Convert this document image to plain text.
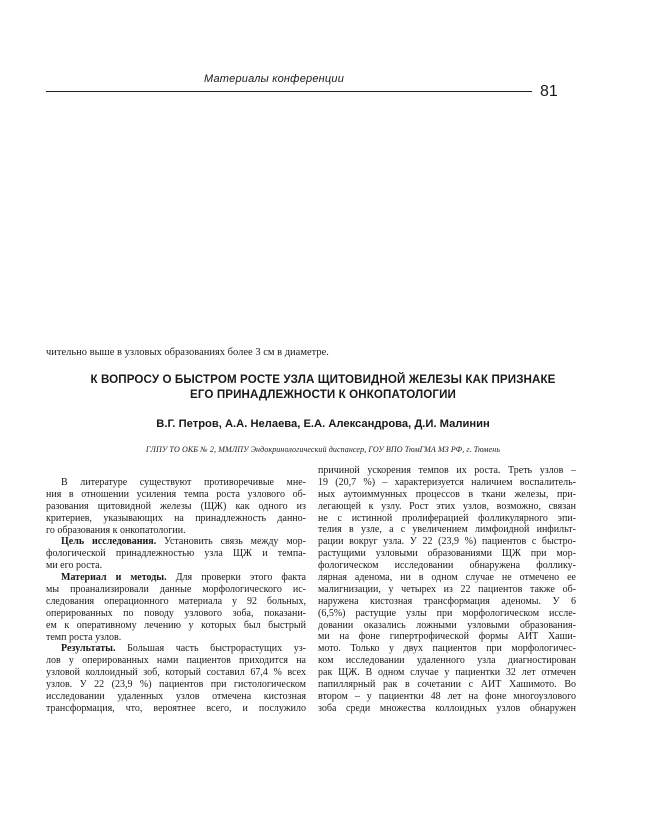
Материалы конференции
81
чительно выше в узловых образованиях более 3 см в диаметре.
К ВОПРОСУ О БЫСТРОМ РОСТЕ УЗЛА ЩИТОВИДНОЙ ЖЕЛЕЗЫ КАК ПРИЗНАКЕ
ЕГО ПРИНАДЛЕЖНОСТИ К ОНКОПАТОЛОГИИ
В.Г. Петров, А.А. Нелаева, Е.А. Александрова, Д.И. Малинин
ГЛПУ ТО ОКБ № 2, ММЛПУ Эндокринологический диспансер, ГОУ ВПО ТюмГМА МЗ РФ, г. Тюмень
В литературе существуют противоречивые мне-
ния в отношении усиления темпа роста узлового об-
разования щитовидной железы (ЩЖ) как одного из
критериев, указывающих на принадлежность данно-
го образования к онкопатологии.
Цель исследования. Установить связь между мор-
фологической принадлежностью узла ЩЖ и темпа-
ми его роста.
Материал и методы. Для проверки этого факта
мы проанализировали данные морфологического ис-
следования операционного материала у 92 больных,
оперированных по поводу узлового зоба, показани-
ем к оперативному лечению у которых был быстрый
темп роста узлов.
Результаты. Большая часть быстрорастущих уз-
лов у оперированных нами пациентов приходится на
узловой коллоидный зоб, который составил 67,4 % всех
узлов. У 22 (23,9 %) пациентов при гистологическом
исследовании удаленных узлов отмечена кистозная
трансформация, что, вероятнее всего, и послужило
причиной ускорения темпов их роста. Треть узлов –
19 (20,7 %) – характеризуется наличием воспалитель-
ных аутоиммунных процессов в ткани железы, при-
легающей к узлу. Рост этих узлов, возможно, связан
не с истинной пролиферацией фолликулярного эпи-
телия в узле, а с увеличением лимфоидной инфильт-
рации вокруг узла. У 22 (23,9 %) пациентов с быстро-
растущими узловыми образованиями ЩЖ при мор-
фологическом исследовании обнаружена фоллику-
лярная аденома, ни в одном случае не отмечено ее
малигнизации, у четырех из 22 пациентов также об-
наружена кистозная трансформация аденомы. У 6
(6,5%) растущие узлы при морфологическом иссле-
довании оказались ложными узловыми образования-
ми на фоне гипертрофической формы АИТ Хаши-
мото. Только у двух пациентов при морфологичес-
ком исследовании удаленного узла диагностирован
рак ЩЖ. В одном случае у пациентки 32 лет отмечен
папиллярный рак в сочетании с АИТ Хашимото. Во
втором – у пациентки 48 лет на фоне многоузлового
зоба среди множества коллоидных узлов обнаружен
